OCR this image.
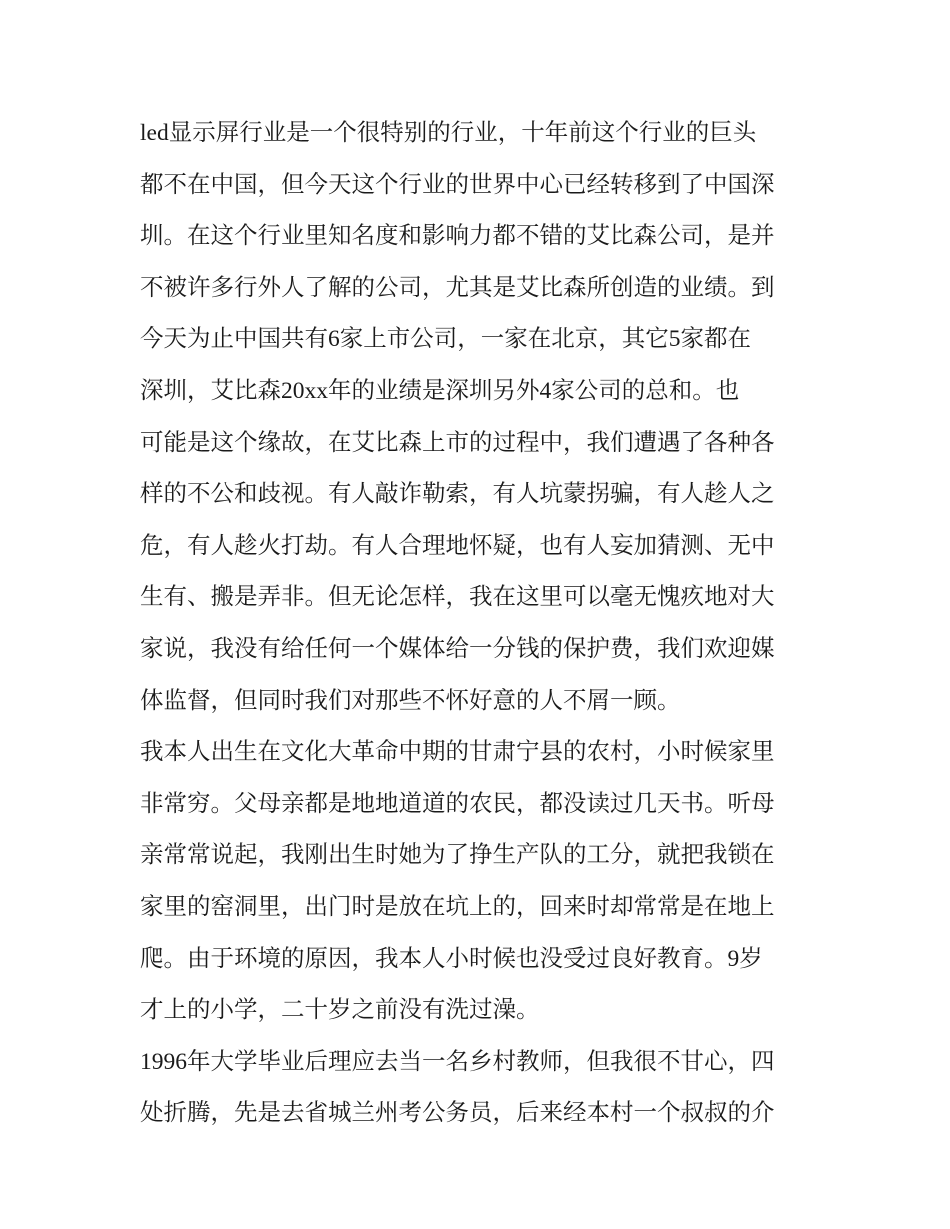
led显示屏行业是一个很特别的行业，十年前这个行业的巨头
都不在中国，但今天这个行业的世界中心已经转移到了中国深
圳。在这个行业里知名度和影响力都不错的艾比森公司，是并
不被许多行外人了解的公司，尤其是艾比森所创造的业绩。到
今天为止中国共有6家上市公司，一家在北京，其它5家都在
深圳，艾比森20xx年的业绩是深圳另外4家公司的总和。也
可能是这个缘故，在艾比森上市的过程中，我们遭遇了各种各
样的不公和歧视。有人敲诈勒索，有人坑蒙拐骗，有人趁人之
危，有人趁火打劫。有人合理地怀疑，也有人妄加猜测、无中
生有、搬是弄非。但无论怎样，我在这里可以毫无愧疚地对大
家说，我没有给任何一个媒体给一分钱的保护费，我们欢迎媒
体监督，但同时我们对那些不怀好意的人不屑一顾。
我本人出生在文化大革命中期的甘肃宁县的农村，小时候家里
非常穷。父母亲都是地地道道的农民，都没读过几天书。听母
亲常常说起，我刚出生时她为了挣生产队的工分，就把我锁在
家里的窑洞里，出门时是放在坑上的，回来时却常常是在地上
爬。由于环境的原因，我本人小时候也没受过良好教育。9岁
才上的小学，二十岁之前没有洗过澡。
1996年大学毕业后理应去当一名乡村教师，但我很不甘心，四
处折腾，先是去省城兰州考公务员，后来经本村一个叔叔的介
